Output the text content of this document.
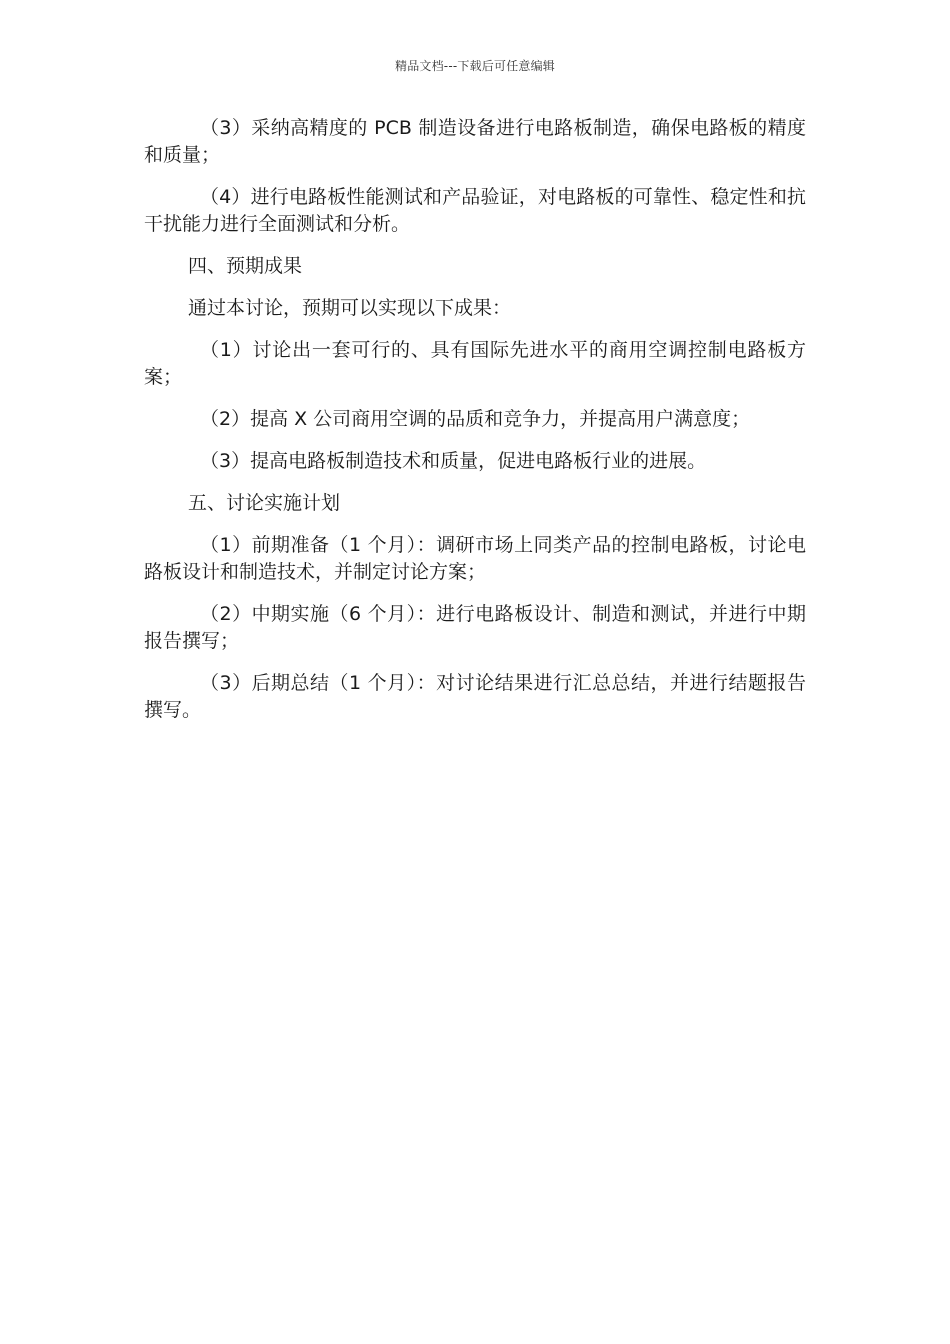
精品文档---下载后可任意编辑

（3）采纳高精度的 PCB 制造设备进行电路板制造，确保电路板的精度和质量；

（4）进行电路板性能测试和产品验证，对电路板的可靠性、稳定性和抗干扰能力进行全面测试和分析。

四、预期成果

通过本讨论，预期可以实现以下成果：

（1）讨论出一套可行的、具有国际先进水平的商用空调控制电路板方案；

（2）提高 X 公司商用空调的品质和竞争力，并提高用户满意度；

（3）提高电路板制造技术和质量，促进电路板行业的进展。

五、讨论实施计划

（1）前期准备（1 个月）：调研市场上同类产品的控制电路板，讨论电路板设计和制造技术，并制定讨论方案；

（2）中期实施（6 个月）：进行电路板设计、制造和测试，并进行中期报告撰写；

（3）后期总结（1 个月）：对讨论结果进行汇总总结，并进行结题报告撰写。
